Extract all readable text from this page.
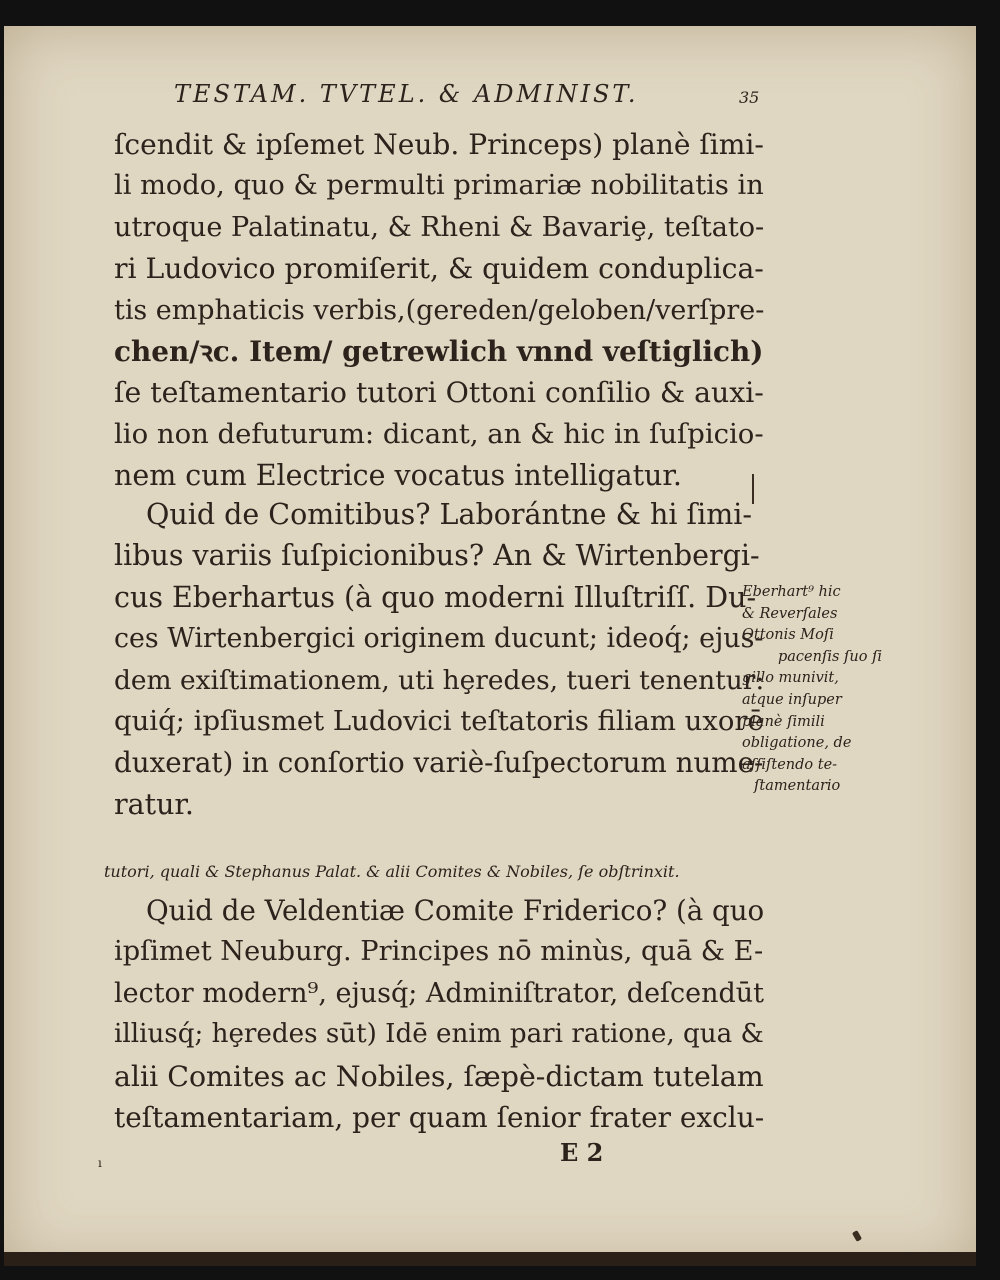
TESTAM. TVTEL. & ADMINIST.	35
ſcendit & ipſemet Neub. Princeps) planè ſimi-
li modo, quo & permulti primariæ nobilitatis in
utroque Palatinatu, & Rheni & Bavariȩ, teſtato-
ri Ludovico promiſerit, & quidem conduplica-
tis emphaticis verbis,(gereden/geloben/verſpre-
chen/ꝛc. Item/ getrewlich vnnd veſtiglich)
ſe teſtamentario tutori Ottoni conſilio & auxi-
lio non defuturum: dicant, an & hic in ſuſpicio-
nem cum Electrice vocatus intelligatur.
Quid de Comitibus? Laborántne & hi ſimi-
libus variis ſuſpicionibus? An & Wirtenbergi-
cus Eberhartus (à quo moderni Illuſtriſſ. Du-
ces Wirtenbergici originem ducunt; ideoq́; ejus-
dem exiſtimationem, uti hȩredes, tueri tenentur:
quiq́; ipſiusmet Ludovici teſtatoris filiam uxorē
duxerat) in conſortio variè-ſuſpectorum nume-
ratur.
Eberhart⁹ hic
& Reverſales
Ottonis Moſi
pacenſis ſuo ſi
gillo munivit,
atque inſuper
planè ſimili
obligatione, de
aſſiſtendo te-
ſtamentario
tutori, quali & Stephanus Palat. & alii Comites & Nobiles, ſe obſtrinxit.
Quid de Veldentiæ Comite Friderico? (à quo
ipſimet Neuburg. Principes nō minùs, quā & E-
lector modern⁹, ejusq́; Adminiſtrator, deſcendūt
illiusq́; hȩredes sūt) Idē enim pari ratione, qua &
alii Comites ac Nobiles, ſæpè-dictam tutelam
teſtamentariam, per quam ſenior frater exclu-
E 2
ı
